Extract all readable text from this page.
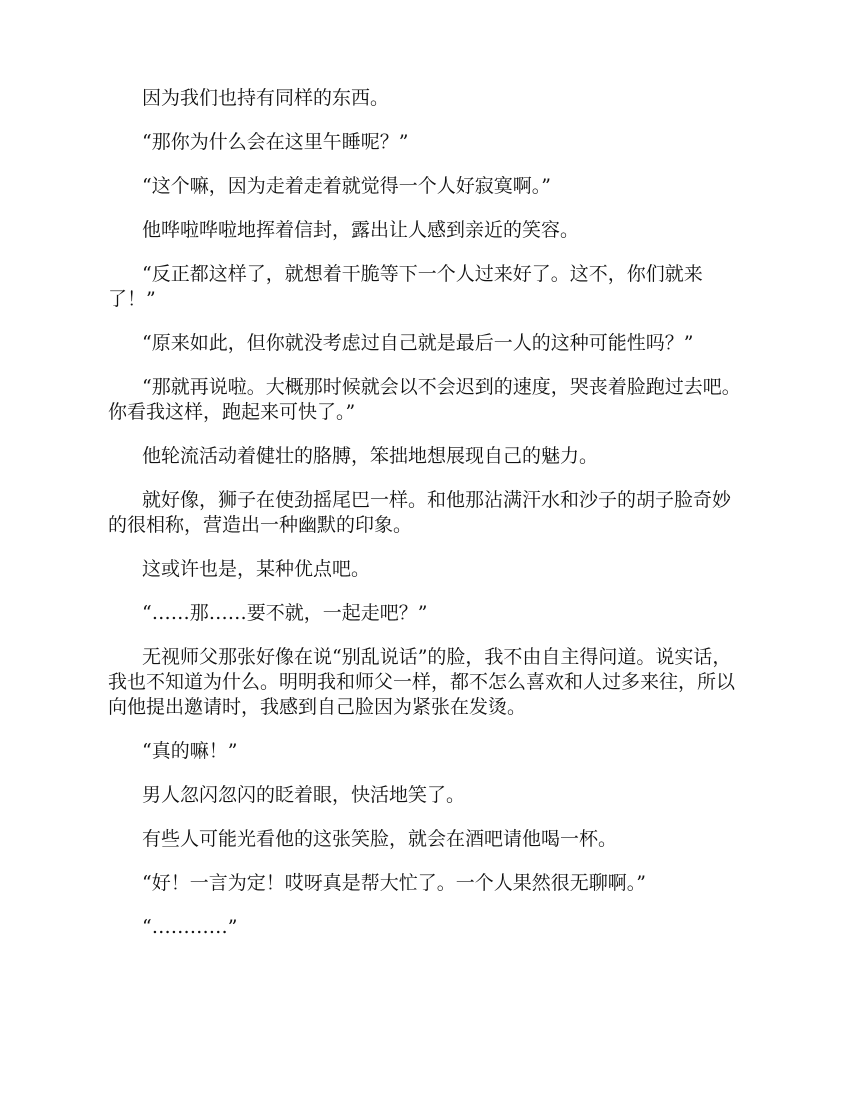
因为我们也持有同样的东西。

“那你为什么会在这里午睡呢？”

“这个嘛，因为走着走着就觉得一个人好寂寞啊。”

他哗啦哗啦地挥着信封，露出让人感到亲近的笑容。

“反正都这样了，就想着干脆等下一个人过来好了。这不，你们就来了！”

“原来如此，但你就没考虑过自己就是最后一人的这种可能性吗？”

“那就再说啦。大概那时候就会以不会迟到的速度，哭丧着脸跑过去吧。你看我这样，跑起来可快了。”

他轮流活动着健壮的胳膊，笨拙地想展现自己的魅力。

就好像，狮子在使劲摇尾巴一样。和他那沾满汗水和沙子的胡子脸奇妙的很相称，营造出一种幽默的印象。

这或许也是，某种优点吧。

“……那……要不就，一起走吧？”

无视师父那张好像在说“别乱说话”的脸，我不由自主得问道。说实话，我也不知道为什么。明明我和师父一样，都不怎么喜欢和人过多来往，所以向他提出邀请时，我感到自己脸因为紧张在发烫。

“真的嘛！”

男人忽闪忽闪的眨着眼，快活地笑了。

有些人可能光看他的这张笑脸，就会在酒吧请他喝一杯。

“好！一言为定！哎呀真是帮大忙了。一个人果然很无聊啊。”

“…………”
